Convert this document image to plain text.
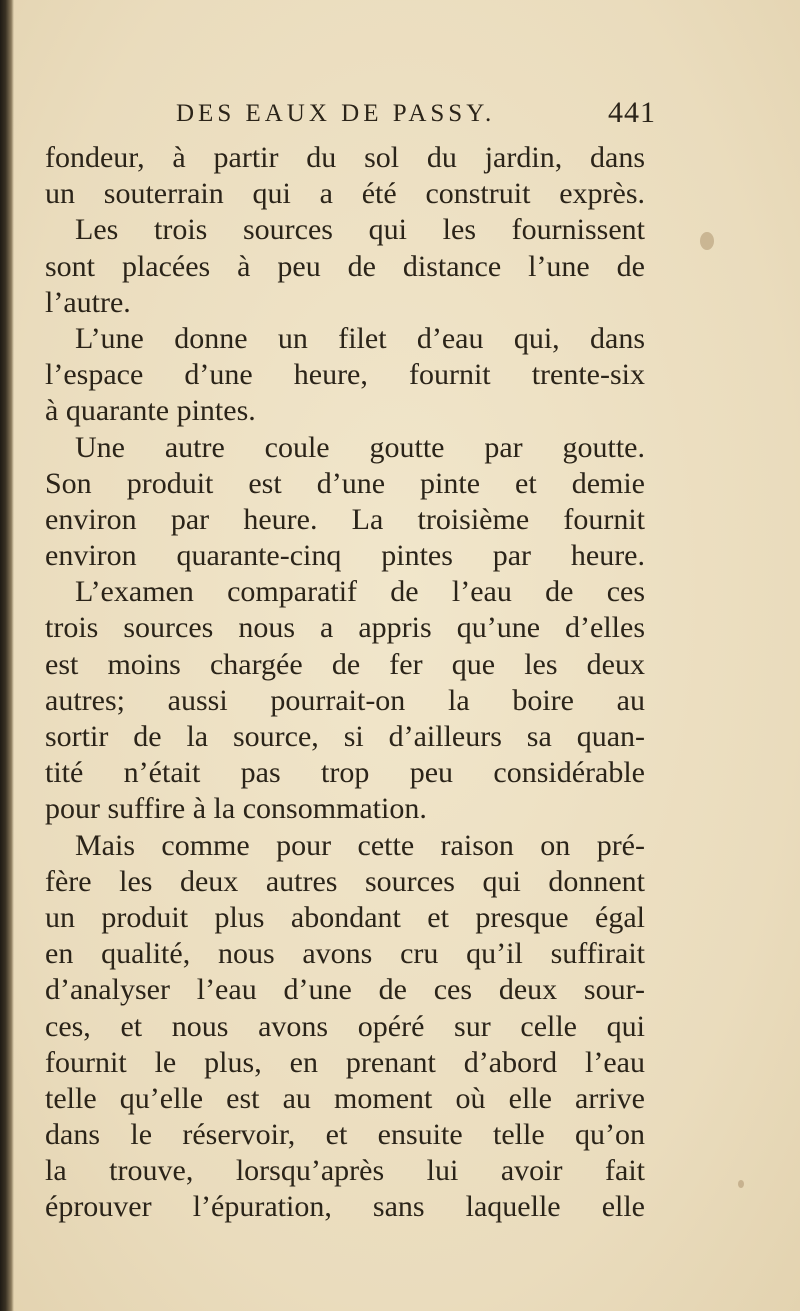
DES EAUX DE PASSY.	441
fondeur, à partir du sol du jardin, dans
un souterrain qui a été construit exprès.
Les trois sources qui les fournissent
sont placées à peu de distance l’une de
l’autre.
L’une donne un filet d’eau qui, dans
l’espace d’une heure, fournit trente-six
à quarante pintes.
Une autre coule goutte par goutte.
Son produit est d’une pinte et demie
environ par heure. La troisième fournit
environ quarante-cinq pintes par heure.
L’examen comparatif de l’eau de ces
trois sources nous a appris qu’une d’elles
est moins chargée de fer que les deux
autres; aussi pourrait-on la boire au
sortir de la source, si d’ailleurs sa quan-
tité n’était pas trop peu considérable
pour suffire à la consommation.
Mais comme pour cette raison on pré-
fère les deux autres sources qui donnent
un produit plus abondant et presque égal
en qualité, nous avons cru qu’il suffirait
d’analyser l’eau d’une de ces deux sour-
ces, et nous avons opéré sur celle qui
fournit le plus, en prenant d’abord l’eau
telle qu’elle est au moment où elle arrive
dans le réservoir, et ensuite telle qu’on
la trouve, lorsqu’après lui avoir fait
éprouver l’épuration, sans laquelle elle
